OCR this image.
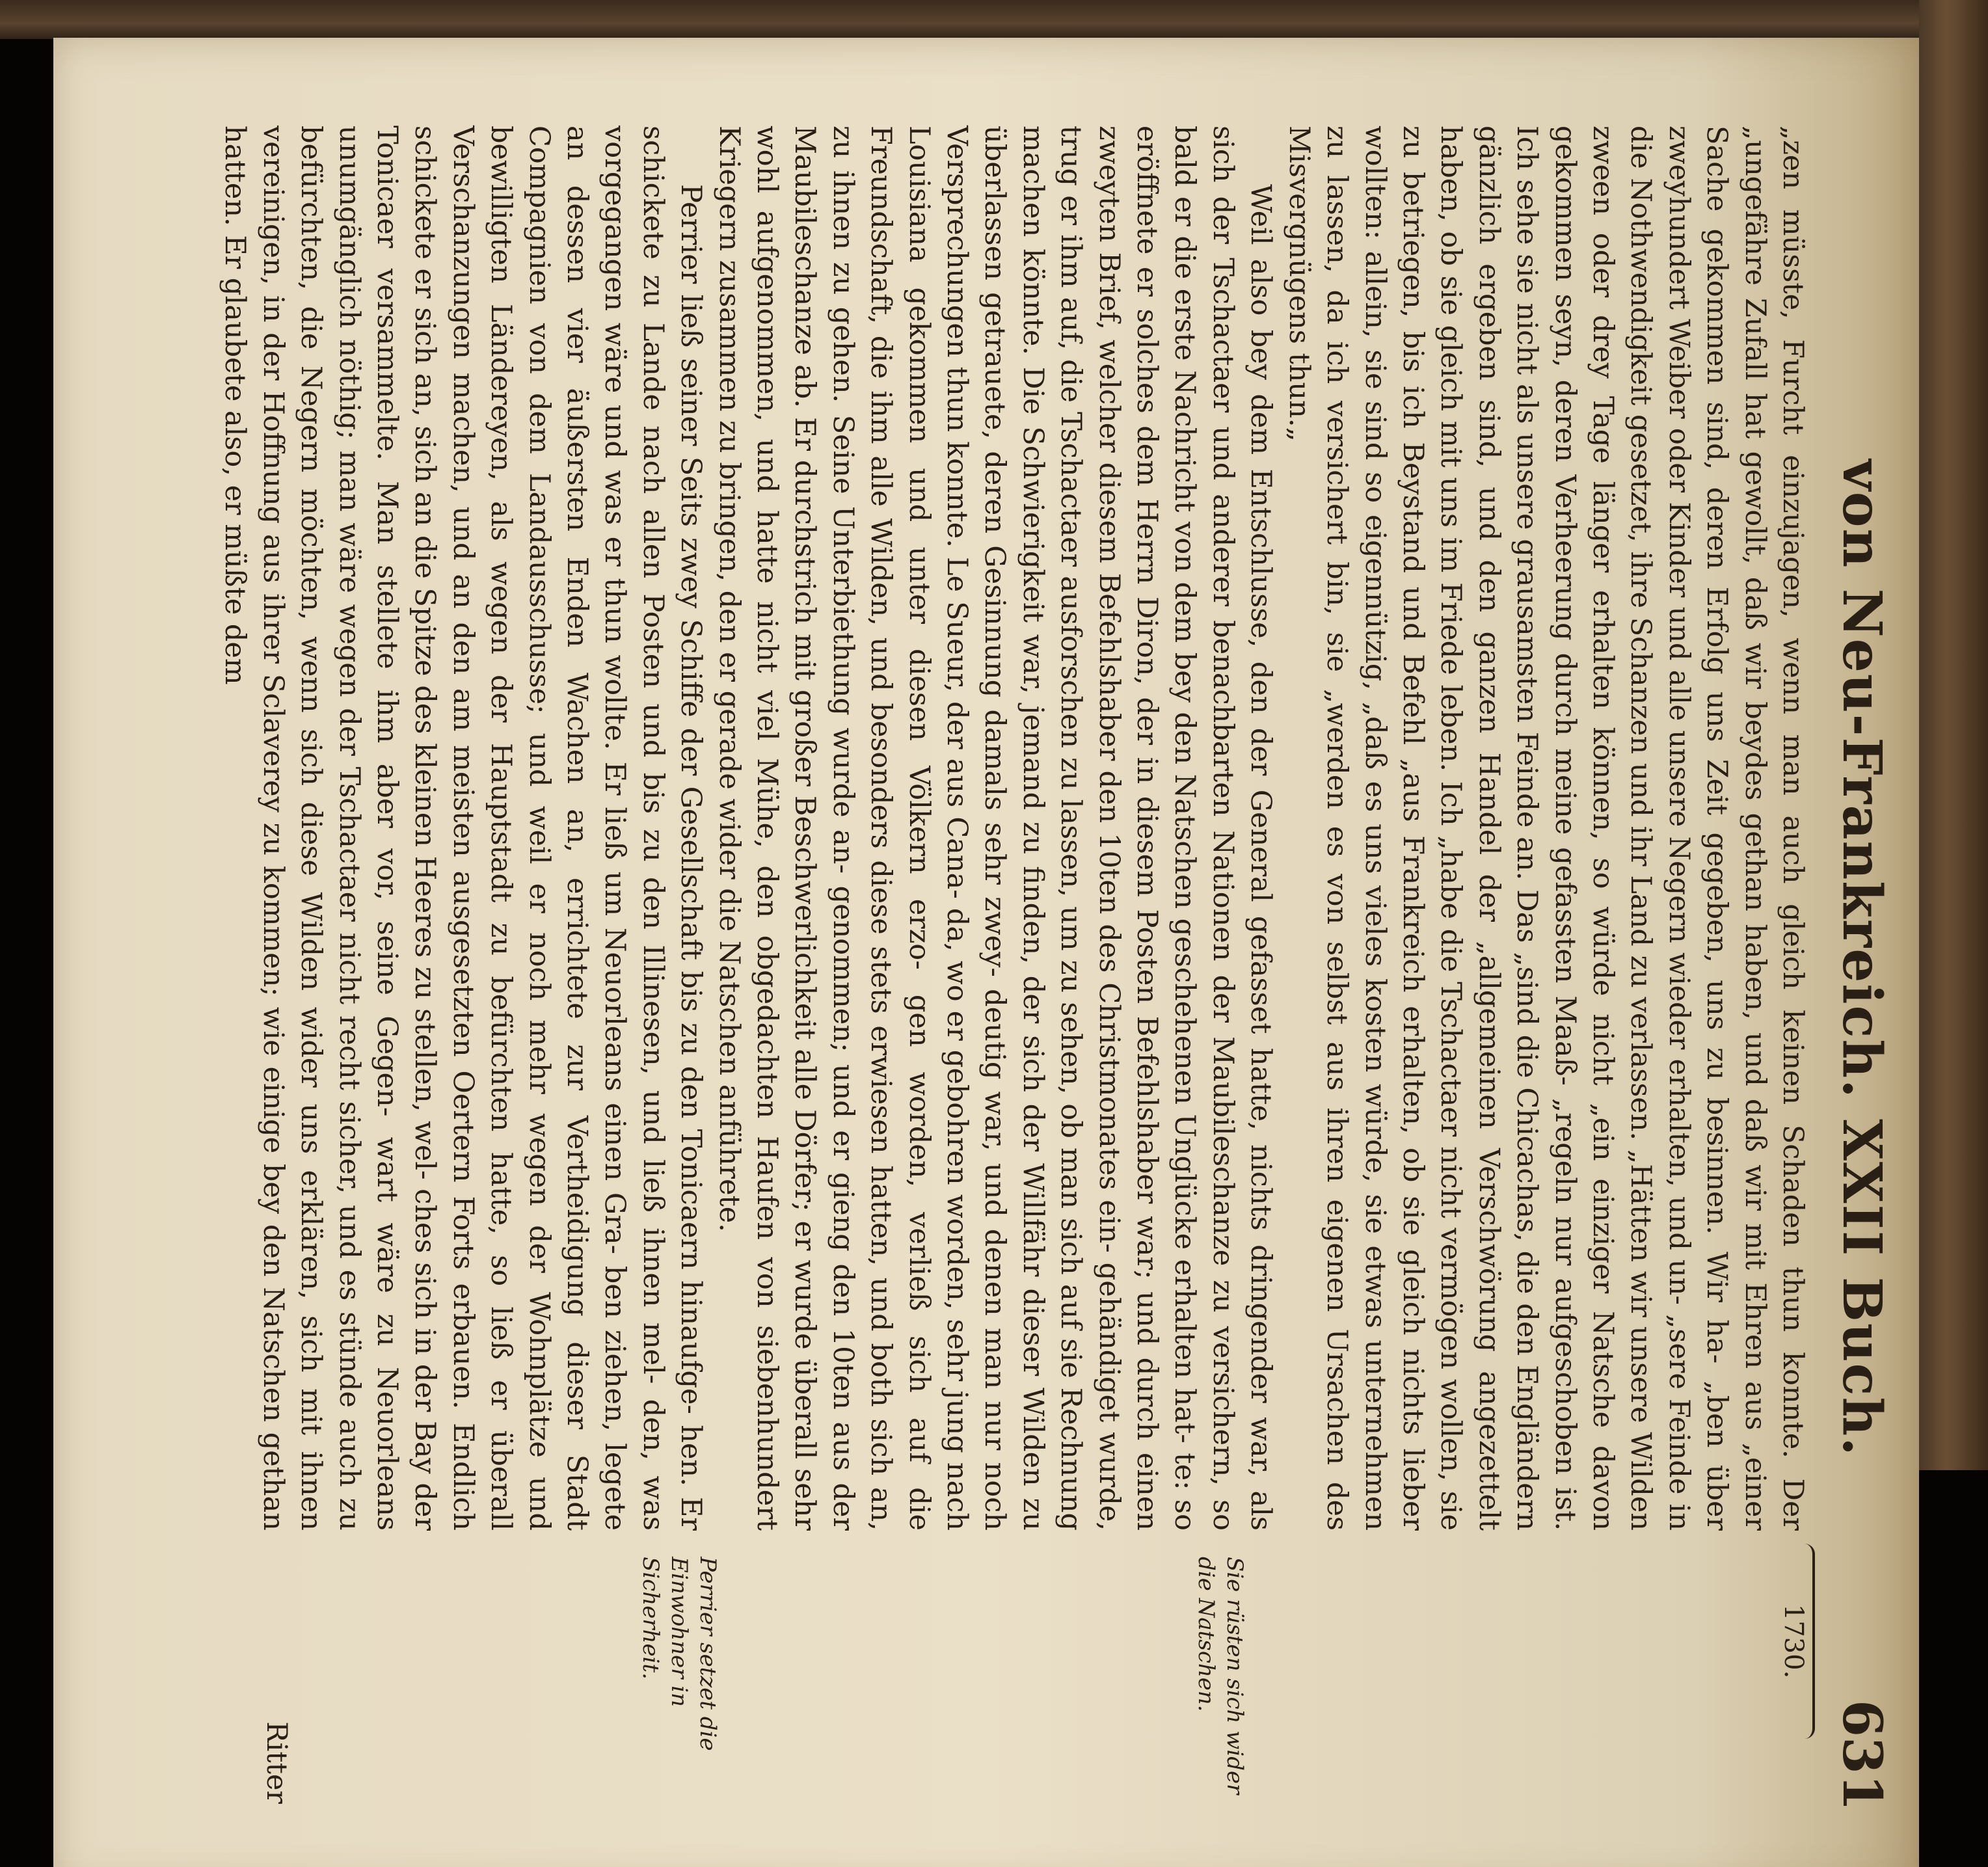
von Neu-Frankreich. XXII Buch.
631
1730.

„zen müsste, Furcht einzujagen, wenn man auch gleich keinen Schaden thun konnte. Der „ungefähre Zufall hat gewollt, daß wir beydes gethan haben, und daß wir mit Ehren aus „einer Sache gekommen sind, deren Erfolg uns Zeit gegeben, uns zu besinnen. Wir ha- „ben über zweyhundert Weiber oder Kinder und alle unsere Negern wieder erhalten, und un- „sere Feinde in die Nothwendigkeit gesetzet, ihre Schanzen und ihr Land zu verlassen. „Hätten wir unsere Wilden zween oder drey Tage länger erhalten können, so würde nicht „ein einziger Natsche davon gekommen seyn, deren Verheerung durch meine gefassten Maaß- „regeln nur aufgeschoben ist. Ich sehe sie nicht als unsere grausamsten Feinde an. Das „sind die Chicachas, die den Engländern gänzlich ergeben sind, und den ganzen Handel der „allgemeinen Verschwörung angezettelt haben, ob sie gleich mit uns im Friede leben. Ich „habe die Tschactaer nicht vermögen wollen, sie zu betriegen, bis ich Beystand und Befehl „aus Frankreich erhalten, ob sie gleich nichts lieber wollten: allein, sie sind so eigennützig, „daß es uns vieles kosten würde, sie etwas unternehmen zu lassen, da ich versichert bin, sie „werden es von selbst aus ihren eigenen Ursachen des Misvergnügens thun.„

Weil also bey dem Entschlusse, den der General gefasset hatte, nichts dringender war, als sich der Tschactaer und anderer benachbarten Nationen der Maubileschanze zu versichern, so bald er die erste Nachricht von dem bey den Natschen geschehenen Unglücke erhalten hat- te: so eröffnete er solches dem Herrn Diron, der in diesem Posten Befehlshaber war; und durch einen zweyten Brief, welcher diesem Befehlshaber den 10ten des Christmonates ein- gehändiget wurde, trug er ihm auf, die Tschactaer ausforschen zu lassen, um zu sehen, ob man sich auf sie Rechnung machen könnte. Die Schwierigkeit war, jemand zu finden, der sich der Willfähr dieser Wilden zu überlassen getrauete, deren Gesinnung damals sehr zwey- deutig war, und denen man nur noch Versprechungen thun konnte. Le Sueur, der aus Cana- da, wo er gebohren worden, sehr jung nach Louisiana gekommen und unter diesen Völkern erzo- gen worden, verließ sich auf die Freundschaft, die ihm alle Wilden, und besonders diese stets erwiesen hatten, und both sich an, zu ihnen zu gehen. Seine Unterbiethung wurde an- genommen; und er gieng den 10ten aus der Maubileschanze ab. Er durchstrich mit großer Beschwerlichkeit alle Dörfer; er wurde überall sehr wohl aufgenommen, und hatte nicht viel Mühe, den obgedachten Haufen von siebenhundert Kriegern zusammen zu bringen, den er gerade wider die Natschen anführete.

Perrier ließ seiner Seits zwey Schiffe der Gesellschaft bis zu den Tonicaern hinaufge- hen. Er schickete zu Lande nach allen Posten und bis zu den Illinesen, und ließ ihnen mel- den, was vorgegangen wäre und was er thun wollte. Er ließ um Neuorleans einen Gra- ben ziehen, legete an dessen vier äußersten Enden Wachen an, errichtete zur Vertheidigung dieser Stadt Compagnien von dem Landausschusse; und weil er noch mehr wegen der Wohnplätze und bewilligten Ländereyen, als wegen der Hauptstadt zu befürchten hatte, so ließ er überall Verschanzungen machen, und an den am meisten ausgesetzten Oertern Forts erbauen. Endlich schickete er sich an, sich an die Spitze des kleinen Heeres zu stellen, wel- ches sich in der Bay der Tonicaer versammelte. Man stellete ihm aber vor, seine Gegen- wart wäre zu Neuorleans unumgänglich nöthig; man wäre wegen der Tschactaer nicht recht sicher, und es stünde auch zu befürchten, die Negern möchten, wenn sich diese Wilden wider uns erklären, sich mit ihnen vereinigen, in der Hoffnung aus ihrer Sclaverey zu kommen; wie einige bey den Natschen gethan hatten. Er glaubete also, er müßte dem

Sie rüsten sich wider die Natschen.
Perrier setzet die Einwohner in Sicherheit.
Ritter
